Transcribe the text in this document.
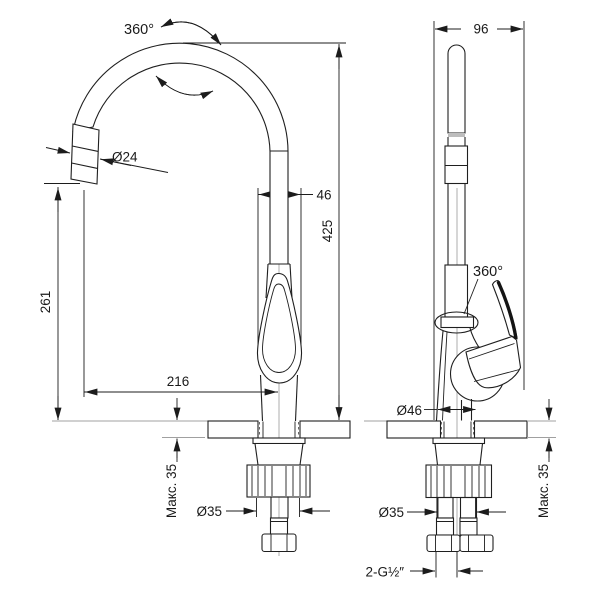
46
360°
Ø24
261
216
425
Макс. 35 Ø35
96
360°
Ø46
Макс. 35
Ø35
2-G½″
